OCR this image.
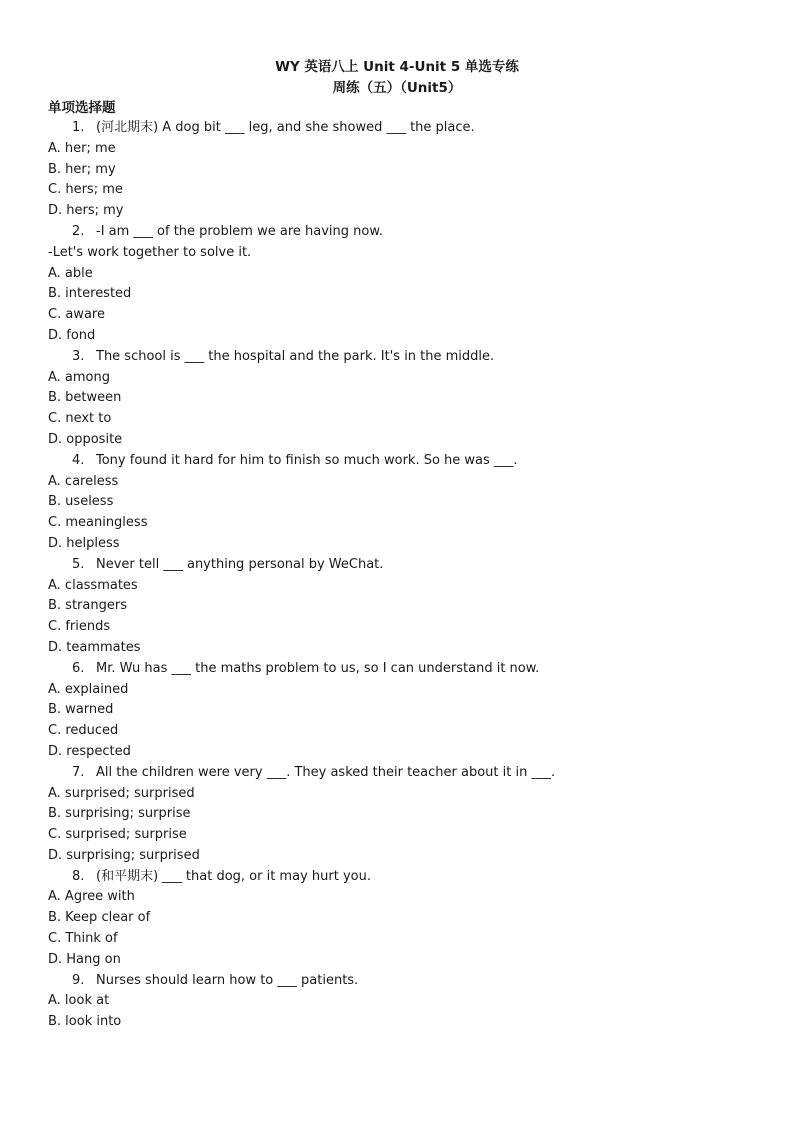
WY 英语八上 Unit 4-Unit 5 单选专练
周练（五）（Unit5）
单项选择题
1. (河北期末) A dog bit ___ leg, and she showed ___ the place.
A. her; me
B. her; my
C. hers; me
D. hers; my
2. -I am ___ of the problem we are having now.
-Let's work together to solve it.
A. able
B. interested
C. aware
D. fond
3. The school is ___ the hospital and the park. It's in the middle.
A. among
B. between
C. next to
D. opposite
4. Tony found it hard for him to finish so much work. So he was ___.
A. careless
B. useless
C. meaningless
D. helpless
5. Never tell ___ anything personal by WeChat.
A. classmates
B. strangers
C. friends
D. teammates
6. Mr. Wu has ___ the maths problem to us, so I can understand it now.
A. explained
B. warned
C. reduced
D. respected
7. All the children were very ___. They asked their teacher about it in ___.
A. surprised; surprised
B. surprising; surprise
C. surprised; surprise
D. surprising; surprised
8. (和平期末) ___ that dog, or it may hurt you.
A. Agree with
B. Keep clear of
C. Think of
D. Hang on
9. Nurses should learn how to ___ patients.
A. look at
B. look into
